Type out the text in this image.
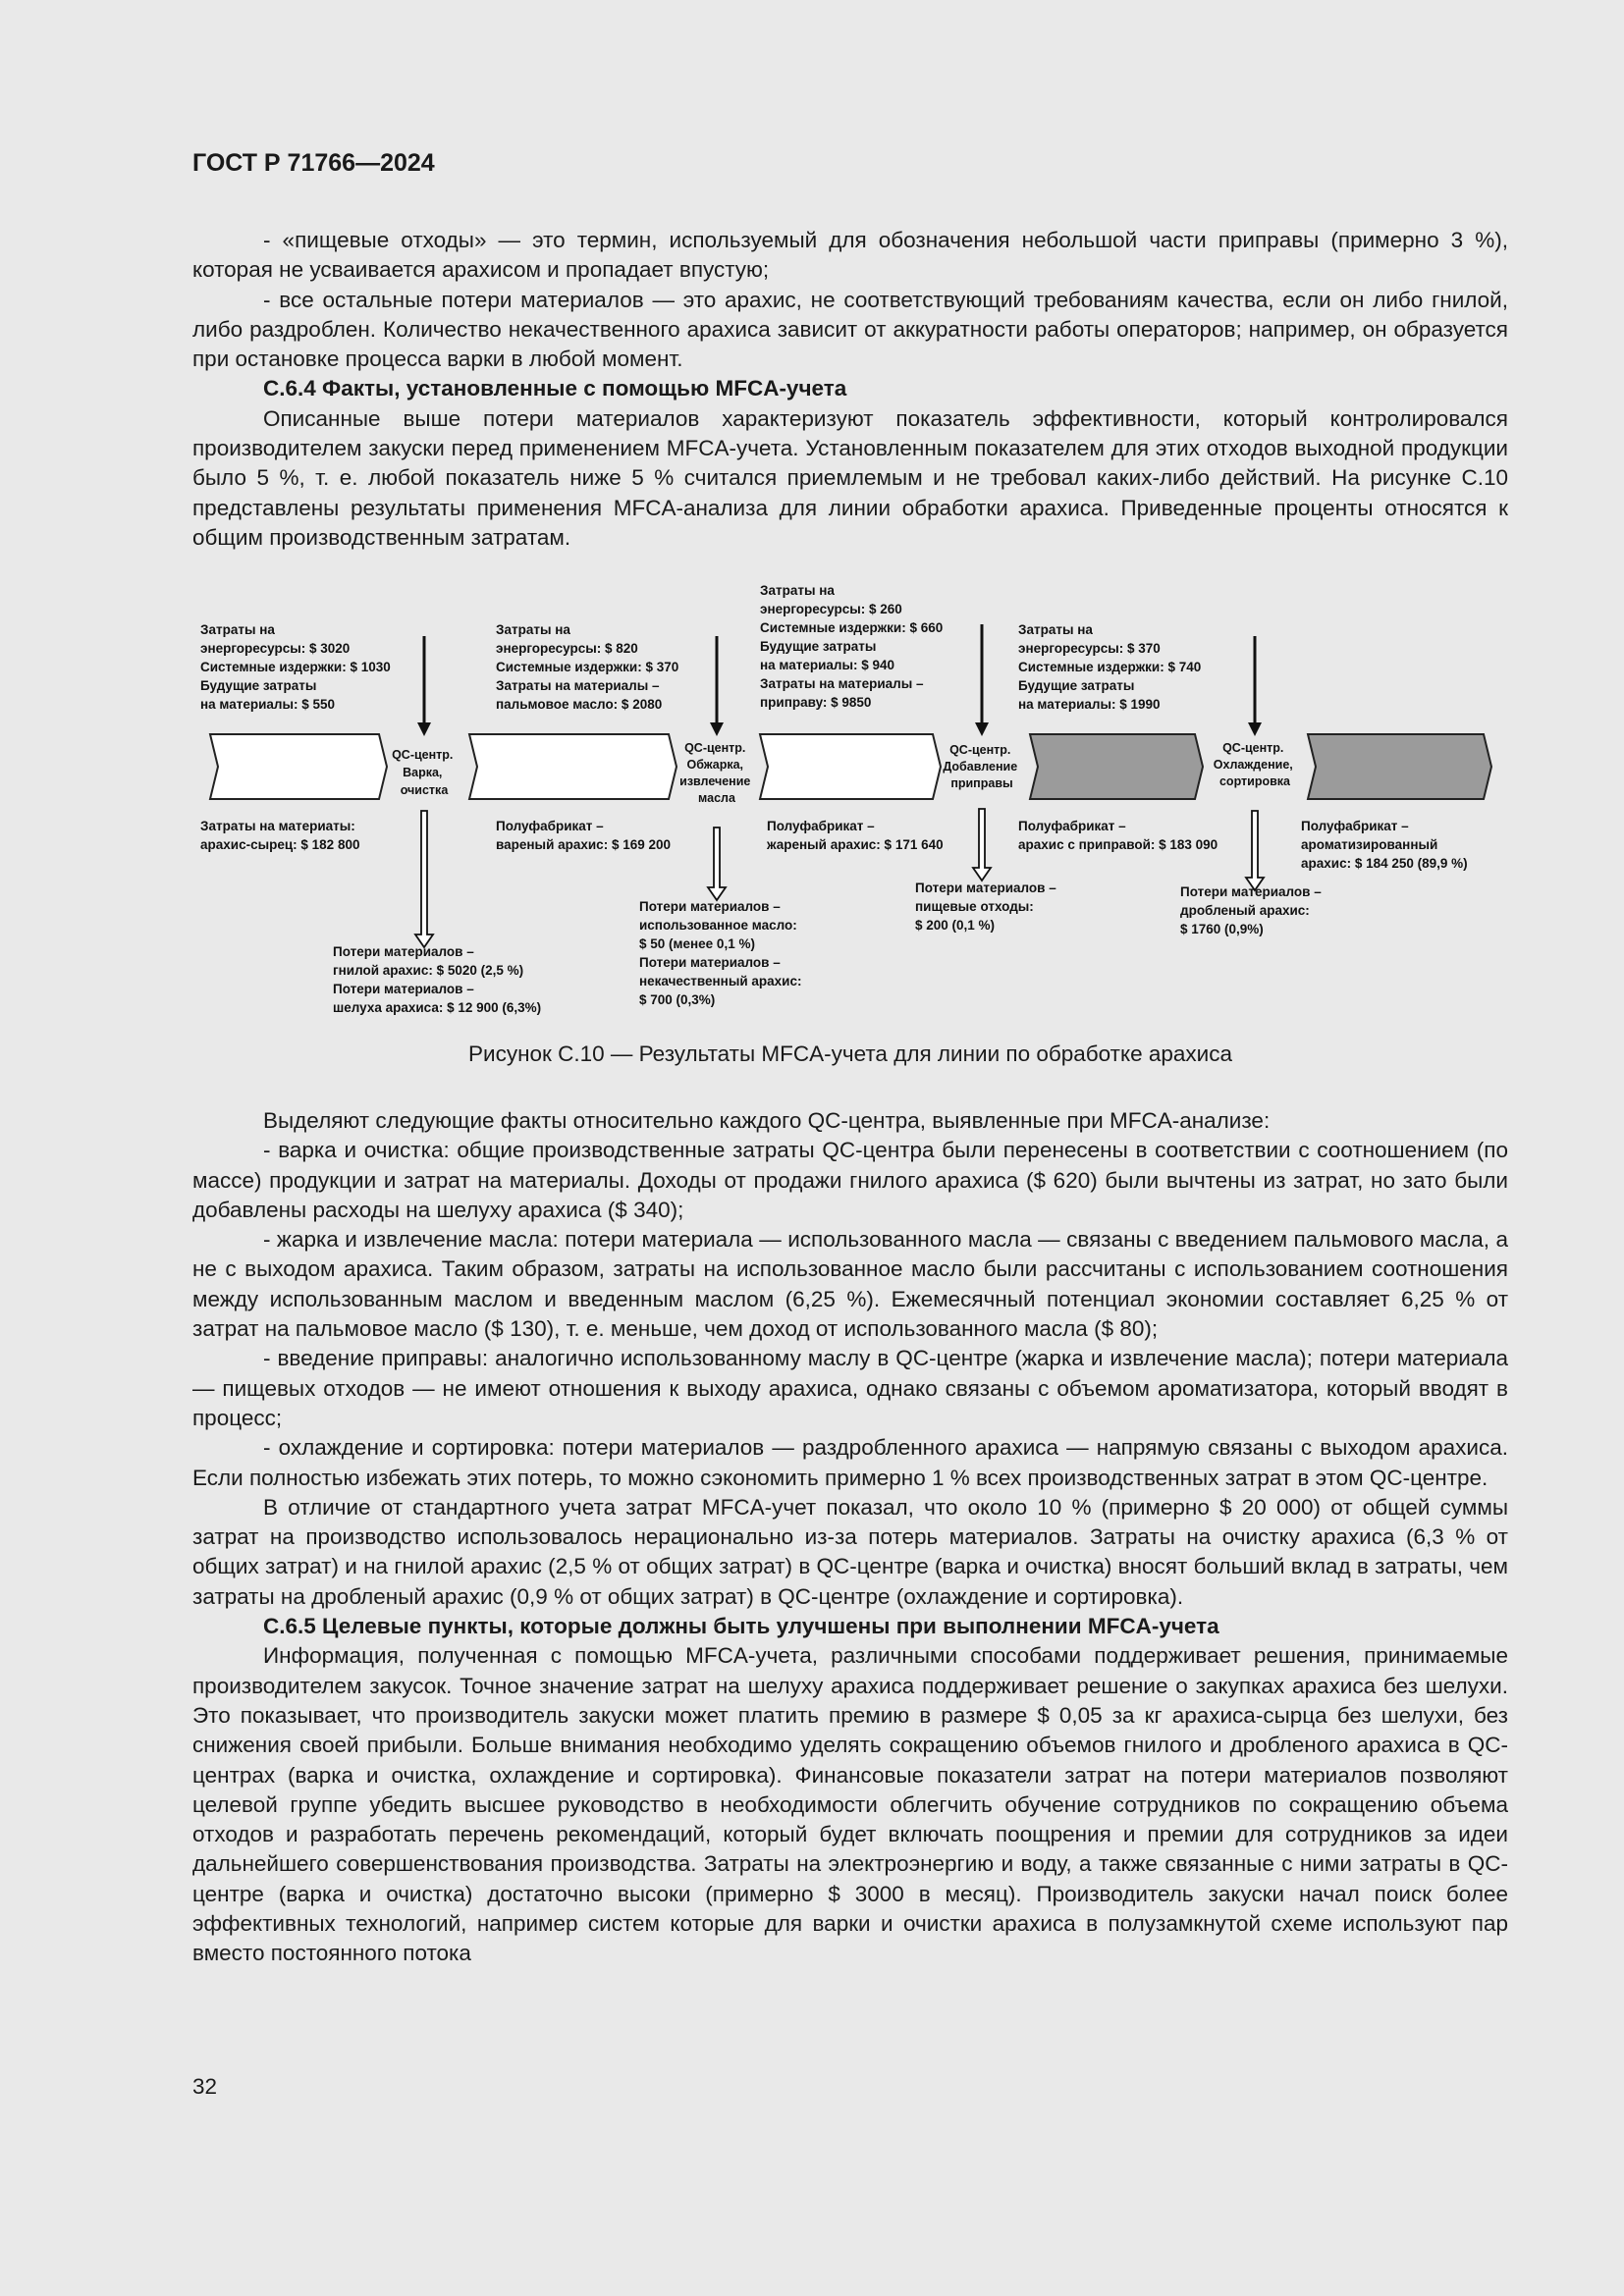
ГОСТ Р 71766—2024

- «пищевые отходы» — это термин, используемый для обозначения небольшой части приправы (примерно 3 %), которая не усваивается арахисом и пропадает впустую;

- все остальные потери материалов — это арахис, не соответствующий требованиям качества, если он либо гнилой, либо раздроблен. Количество некачественного арахиса зависит от аккуратности работы операторов; например, он образуется при остановке процесса варки в любой момент.

С.6.4 Факты, установленные с помощью MFCA-учета

Описанные выше потери материалов характеризуют показатель эффективности, который контролировался производителем закуски перед применением MFCA-учета. Установленным показателем для этих отходов выходной продукции было 5 %, т. е. любой показатель ниже 5 % считался приемлемым и не требовал каких-либо действий. На рисунке С.10 представлены результаты применения MFCA-анализа для линии обработки арахиса. Приведенные проценты относятся к общим производственным затратам.

Затраты на энергоресурсы: $ 3020 Системные издержки: $ 1030 Будущие затраты на материалы: $ 550
Затраты на энергоресурсы: $ 820 Системные издержки: $ 370 Затраты на материалы – пальмовое масло: $ 2080
Затраты на энергоресурсы: $ 260 Системные издержки: $ 660 Будущие затраты на материалы: $ 940 Затраты на материалы – приправу: $ 9850
Затраты на энергоресурсы: $ 370 Системные издержки: $ 740 Будущие затраты на материалы: $ 1990
QC-центр. Варка, очистка
QC-центр. Обжарка, извлечение масла
QC-центр. Добавление приправы
QC-центр. Охлаждение, сортировка
Затраты на материаты: арахис-сырец: $ 182 800
Полуфабрикат – вареный арахис: $ 169 200
Полуфабрикат – жареный арахис: $ 171 640
Полуфабрикат – арахис с приправой: $ 183 090
Полуфабрикат – ароматизированный арахис: $ 184 250 (89,9 %)
Потери материалов – гнилой арахис: $ 5020 (2,5 %) Потери материалов – шелуха арахиса: $ 12 900 (6,3%)
Потери материалов – использованное масло: $ 50 (менее 0,1 %) Потери материалов – некачественный арахис: $ 700 (0,3%)
Потери материалов – пищевые отходы: $ 200 (0,1 %)
Потери материалов – дробленый арахис: $ 1760 (0,9%)
Рисунок С.10 — Результаты MFCA-учета для линии по обработке арахиса

Выделяют следующие факты относительно каждого QC-центра, выявленные при MFCA-анализе:

- варка и очистка: общие производственные затраты QC-центра были перенесены в соответствии с соотношением (по массе) продукции и затрат на материалы. Доходы от продажи гнилого арахиса ($ 620) были вычтены из затрат, но зато были добавлены расходы на шелуху арахиса ($ 340);

- жарка и извлечение масла: потери материала — использованного масла — связаны с введением пальмового масла, а не с выходом арахиса. Таким образом, затраты на использованное масло были рассчитаны с использованием соотношения между использованным маслом и введенным маслом (6,25 %). Ежемесячный потенциал экономии составляет 6,25 % от затрат на пальмовое масло ($ 130), т. е. меньше, чем доход от использованного масла ($ 80);

- введение приправы: аналогично использованному маслу в QC-центре (жарка и извлечение масла); потери материала — пищевых отходов — не имеют отношения к выходу арахиса, однако связаны с объемом ароматизатора, который вводят в процесс;

- охлаждение и сортировка: потери материалов — раздробленного арахиса — напрямую связаны с выходом арахиса. Если полностью избежать этих потерь, то можно сэкономить примерно 1 % всех производственных затрат в этом QC-центре.

В отличие от стандартного учета затрат MFCA-учет показал, что около 10 % (примерно $ 20 000) от общей суммы затрат на производство использовалось нерационально из-за потерь материалов. Затраты на очистку арахиса (6,3 % от общих затрат) и на гнилой арахис (2,5 % от общих затрат) в QC-центре (варка и очистка) вносят больший вклад в затраты, чем затраты на дробленый арахис (0,9 % от общих затрат) в QC-центре (охлаждение и сортировка).

С.6.5 Целевые пункты, которые должны быть улучшены при выполнении MFCA-учета

Информация, полученная с помощью MFCA-учета, различными способами поддерживает решения, принимаемые производителем закусок. Точное значение затрат на шелуху арахиса поддерживает решение о закупках арахиса без шелухи. Это показывает, что производитель закуски может платить премию в размере $ 0,05 за кг арахиса-сырца без шелухи, без снижения своей прибыли. Больше внимания необходимо уделять сокращению объемов гнилого и дробленого арахиса в QC-центрах (варка и очистка, охлаждение и сортировка). Финансовые показатели затрат на потери материалов позволяют целевой группе убедить высшее руководство в необходимости облегчить обучение сотрудников по сокращению объема отходов и разработать перечень рекомендаций, который будет включать поощрения и премии для сотрудников за идеи дальнейшего совершенствования производства. Затраты на электроэнергию и воду, а также связанные с ними затраты в QC-центре (варка и очистка) достаточно высоки (примерно $ 3000 в месяц). Производитель закуски начал поиск более эффективных технологий, например систем которые для варки и очистки арахиса в полузамкнутой схеме используют пар вместо постоянного потока

32
